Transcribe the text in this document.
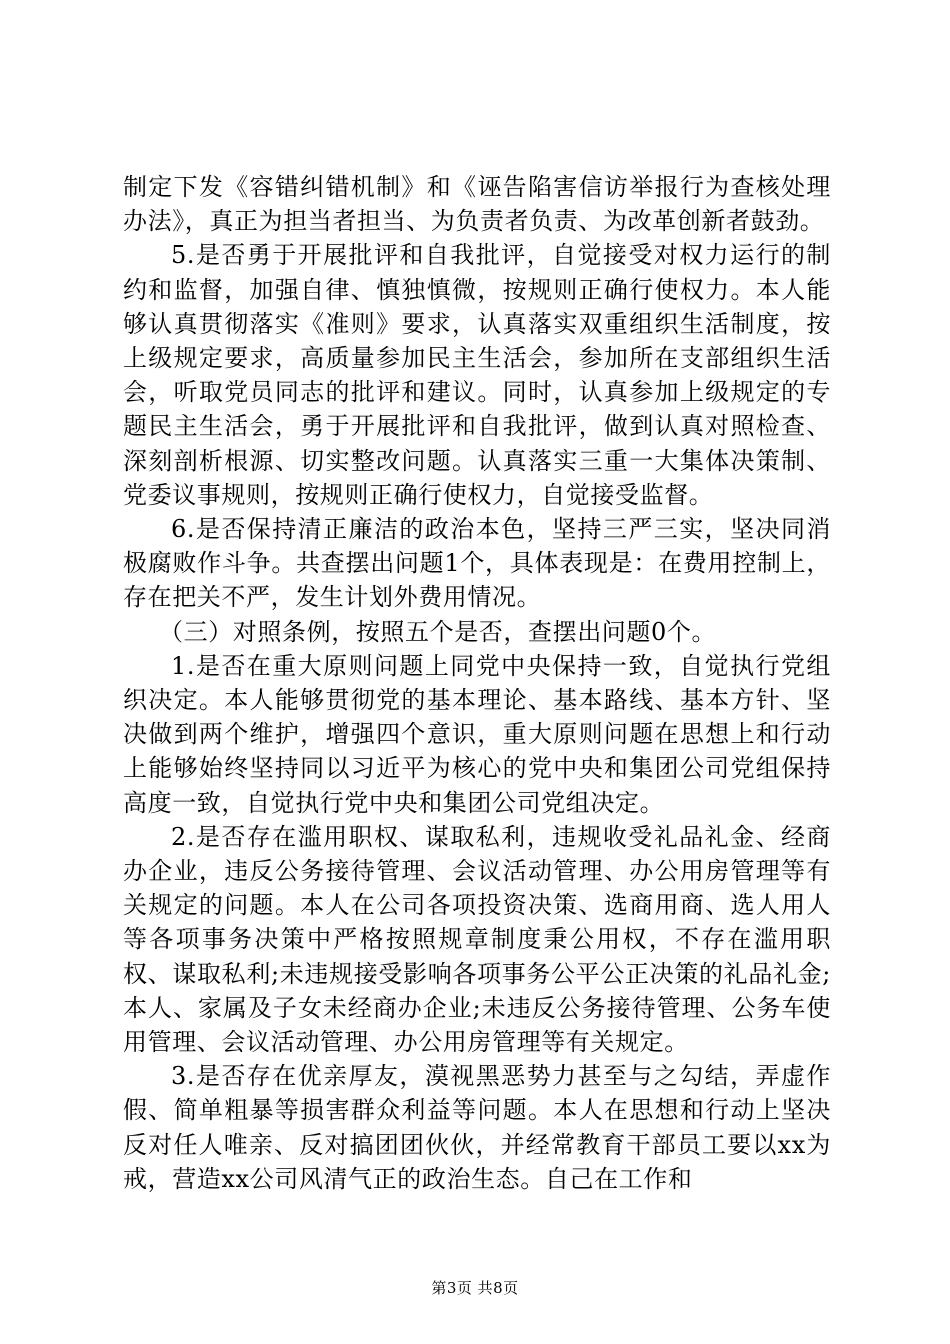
制定下发《容错纠错机制》和《诬告陷害信访举报行为查核处理办法》，真正为担当者担当、为负责者负责、为改革创新者鼓劲。

5.是否勇于开展批评和自我批评，自觉接受对权力运行的制约和监督，加强自律、慎独慎微，按规则正确行使权力。本人能够认真贯彻落实《准则》要求，认真落实双重组织生活制度，按上级规定要求，高质量参加民主生活会，参加所在支部组织生活会，听取党员同志的批评和建议。同时，认真参加上级规定的专题民主生活会，勇于开展批评和自我批评，做到认真对照检查、深刻剖析根源、切实整改问题。认真落实三重一大集体决策制、党委议事规则，按规则正确行使权力，自觉接受监督。

6.是否保持清正廉洁的政治本色，坚持三严三实，坚决同消极腐败作斗争。共查摆出问题1个，具体表现是：在费用控制上，存在把关不严，发生计划外费用情况。

（三）对照条例，按照五个是否，查摆出问题0个。

1.是否在重大原则问题上同党中央保持一致，自觉执行党组织决定。本人能够贯彻党的基本理论、基本路线、基本方针、坚决做到两个维护，增强四个意识，重大原则问题在思想上和行动上能够始终坚持同以习近平为核心的党中央和集团公司党组保持高度一致，自觉执行党中央和集团公司党组决定。

2.是否存在滥用职权、谋取私利，违规收受礼品礼金、经商办企业，违反公务接待管理、会议活动管理、办公用房管理等有关规定的问题。本人在公司各项投资决策、选商用商、选人用人等各项事务决策中严格按照规章制度秉公用权，不存在滥用职权、谋取私利;未违规接受影响各项事务公平公正决策的礼品礼金;本人、家属及子女未经商办企业;未违反公务接待管理、公务车使用管理、会议活动管理、办公用房管理等有关规定。

3.是否存在优亲厚友，漠视黑恶势力甚至与之勾结，弄虚作假、简单粗暴等损害群众利益等问题。本人在思想和行动上坚决反对任人唯亲、反对搞团团伙伙，并经常教育干部员工要以xx为戒，营造xx公司风清气正的政治生态。自己在工作和

第3页 共8页
